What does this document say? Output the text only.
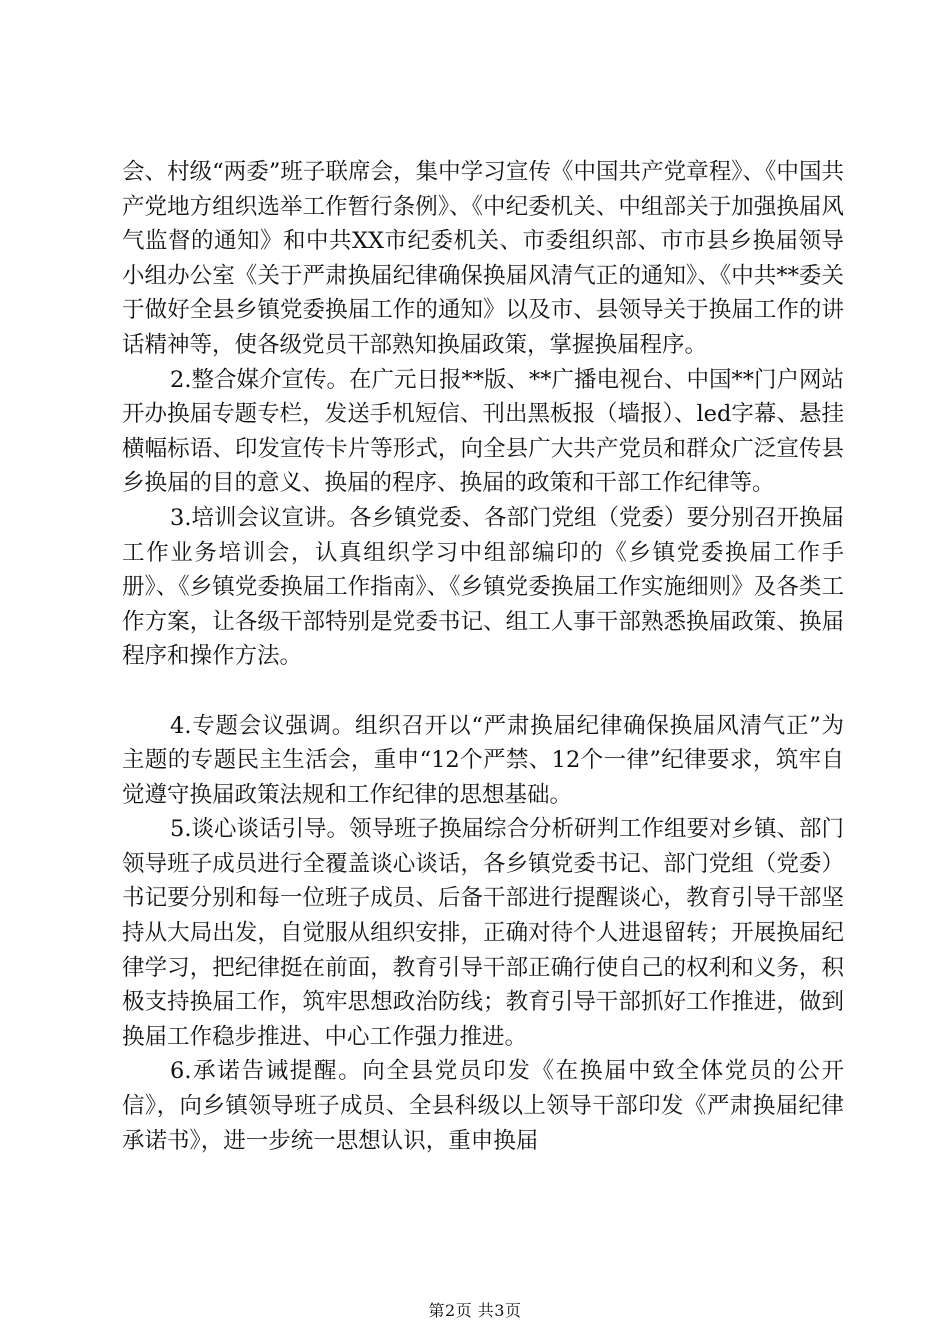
会、村级“两委”班子联席会，集中学习宣传《中国共产党章程》、《中国共产党地方组织选举工作暂行条例》、《中纪委机关、中组部关于加强换届风气监督的通知》和中共XX市纪委机关、市委组织部、市市县乡换届领导小组办公室《关于严肃换届纪律确保换届风清气正的通知》、《中共**委关于做好全县乡镇党委换届工作的通知》以及市、县领导关于换届工作的讲话精神等，使各级党员干部熟知换届政策，掌握换届程序。

2.整合媒介宣传。在广元日报**版、**广播电视台、中国**门户网站开办换届专题专栏，发送手机短信、刊出黑板报（墙报）、led字幕、悬挂横幅标语、印发宣传卡片等形式，向全县广大共产党员和群众广泛宣传县乡换届的目的意义、换届的程序、换届的政策和干部工作纪律等。

3.培训会议宣讲。各乡镇党委、各部门党组（党委）要分别召开换届工作业务培训会，认真组织学习中组部编印的《乡镇党委换届工作手册》、《乡镇党委换届工作指南》、《乡镇党委换届工作实施细则》及各类工作方案，让各级干部特别是党委书记、组工人事干部熟悉换届政策、换届程序和操作方法。

4.专题会议强调。组织召开以“严肃换届纪律确保换届风清气正”为主题的专题民主生活会，重申“12个严禁、12个一律”纪律要求，筑牢自觉遵守换届政策法规和工作纪律的思想基础。

5.谈心谈话引导。领导班子换届综合分析研判工作组要对乡镇、部门领导班子成员进行全覆盖谈心谈话，各乡镇党委书记、部门党组（党委）书记要分别和每一位班子成员、后备干部进行提醒谈心，教育引导干部坚持从大局出发，自觉服从组织安排，正确对待个人进退留转；开展换届纪律学习，把纪律挺在前面，教育引导干部正确行使自己的权利和义务，积极支持换届工作，筑牢思想政治防线；教育引导干部抓好工作推进，做到换届工作稳步推进、中心工作强力推进。

6.承诺告诫提醒。向全县党员印发《在换届中致全体党员的公开信》，向乡镇领导班子成员、全县科级以上领导干部印发《严肃换届纪律承诺书》，进一步统一思想认识，重申换届

第2页 共3页
